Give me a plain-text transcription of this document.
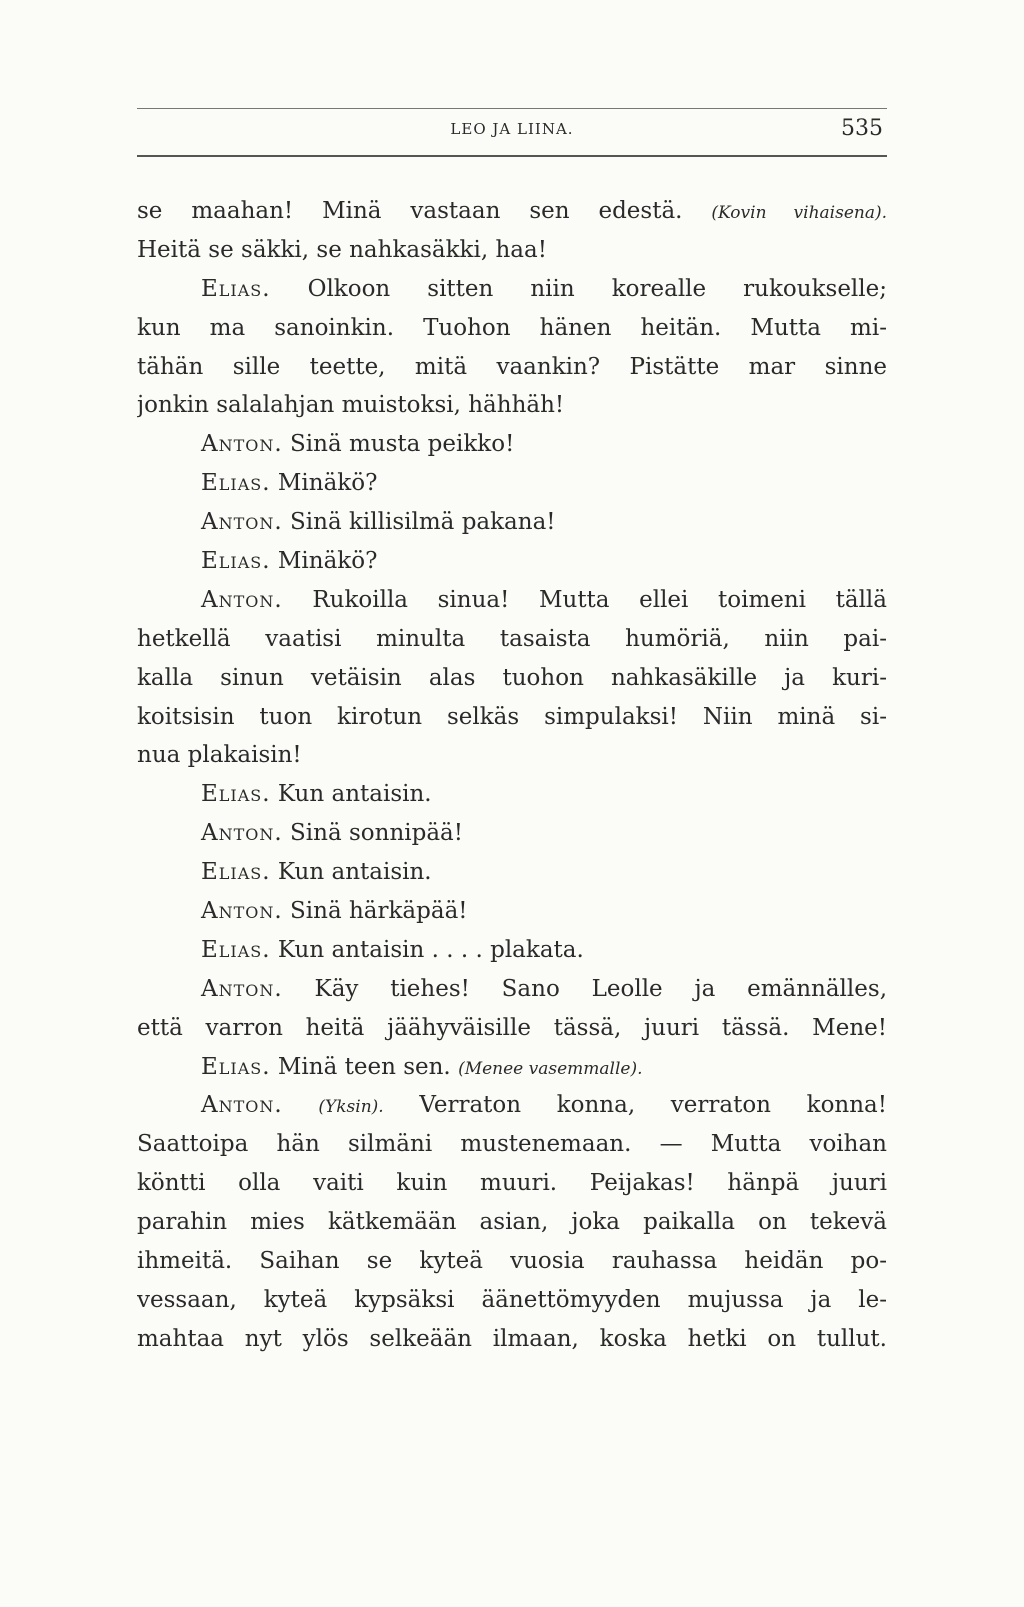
LEO JA LIINA.	535
se maahan! Minä vastaan sen edestä. (Kovin vihaisena).
Heitä se säkki, se nahkasäkki, haa!
Elias. Olkoon sitten niin korealle rukoukselle;
kun ma sanoinkin. Tuohon hänen heitän. Mutta mi-
tähän sille teette, mitä vaankin? Pistätte mar sinne
jonkin salalahjan muistoksi, hähhäh!
Anton. Sinä musta peikko!
Elias. Minäkö?
Anton. Sinä killisilmä pakana!
Elias. Minäkö?
Anton. Rukoilla sinua! Mutta ellei toimeni tällä
hetkellä vaatisi minulta tasaista humöriä, niin pai-
kalla sinun vetäisin alas tuohon nahkasäkille ja kuri-
koitsisin tuon kirotun selkäs simpulaksi! Niin minä si-
nua plakaisin!
Elias. Kun antaisin.
Anton. Sinä sonnipää!
Elias. Kun antaisin.
Anton. Sinä härkäpää!
Elias. Kun antaisin . . . . plakata.
Anton. Käy tiehes! Sano Leolle ja emännälles,
että varron heitä jäähyväisille tässä, juuri tässä. Mene!
Elias. Minä teen sen. (Menee vasemmalle).
Anton. (Yksin). Verraton konna, verraton konna!
Saattoipa hän silmäni mustenemaan. — Mutta voihan
köntti olla vaiti kuin muuri. Peijakas! hänpä juuri
parahin mies kätkemään asian, joka paikalla on tekevä
ihmeitä. Saihan se kyteä vuosia rauhassa heidän po-
vessaan, kyteä kypsäksi äänettömyyden mujussa ja le-
mahtaa nyt ylös selkeään ilmaan, koska hetki on tullut.
